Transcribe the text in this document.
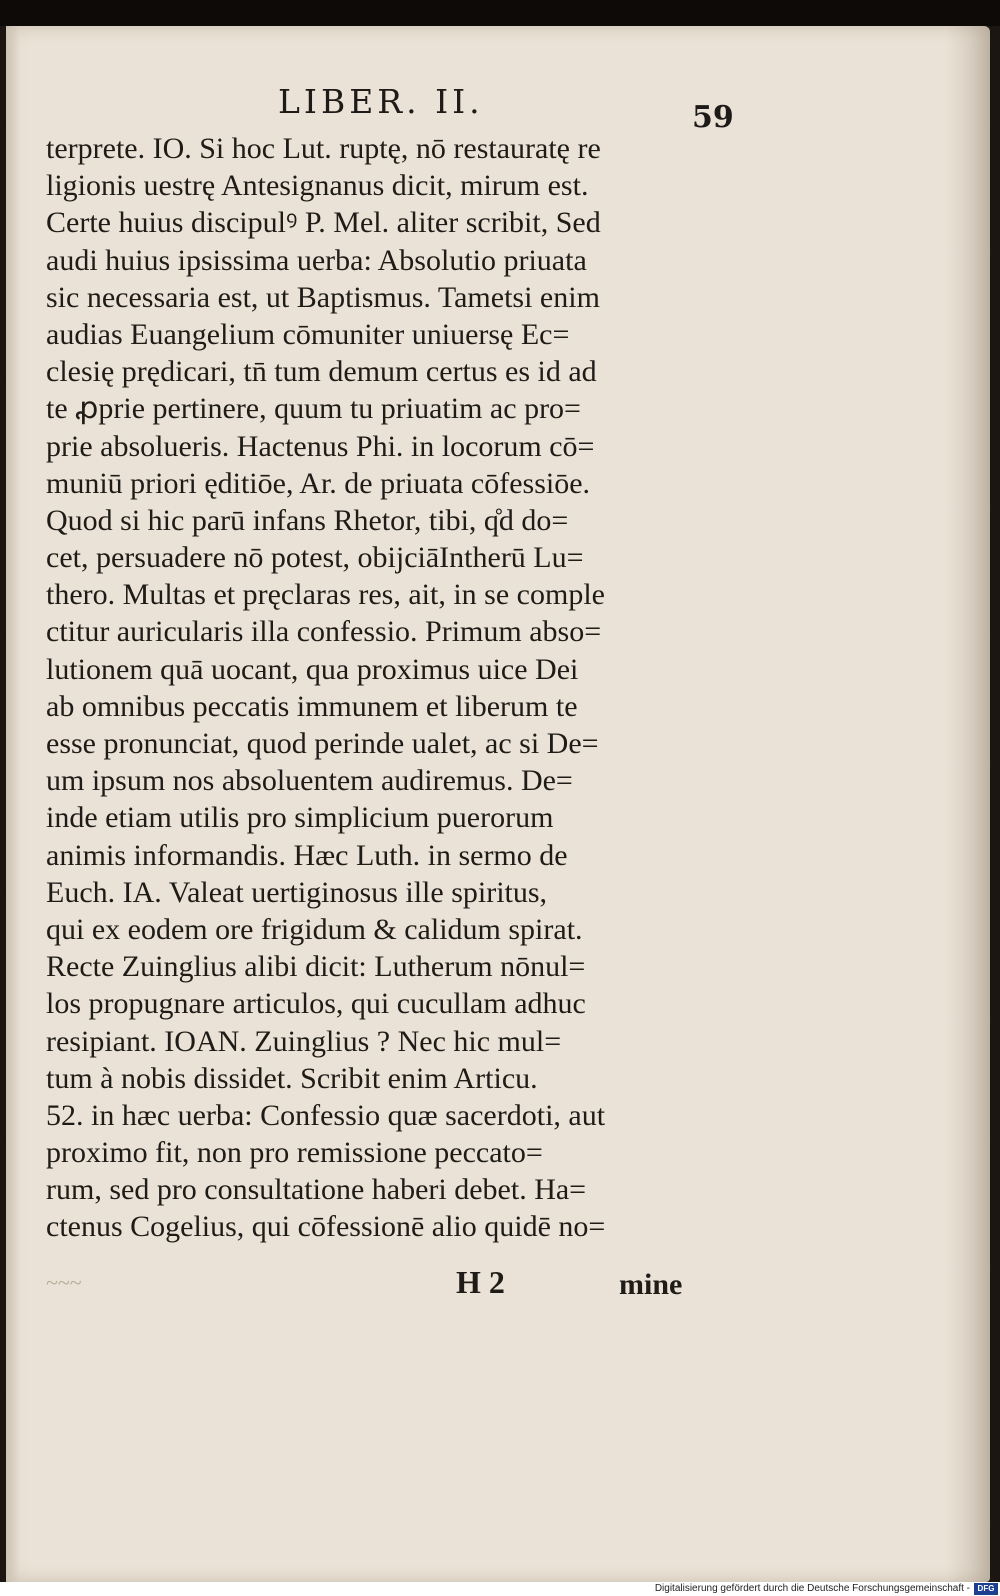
LIBER. II.	59
terprete. IO. Si hoc Lut. ruptę, nō restauratę re
ligionis uestrę Antesignanus dicit, mirum est.
Certe huius discipulꝰ P. Mel. aliter scribit, Sed
audi huius ipsissima uerba: Absolutio priuata
sic necessaria est, ut Baptismus. Tametsi enim
audias Euangelium cōmuniter uniuersę Ec=
clesię prędicari, tn̄ tum demum certus es id ad
te ꝓprie pertinere, quum tu priuatim ac pro=
prie absolueris. Hactenus Phi. in locorum cō=
muniū priori ęditiōe, Ar. de priuata cōfessiōe.
Quod si hic parū infans Rhetor, tibi, q̊d do=
cet, persuadere nō potest, obijciāIntherū Lu=
thero. Multas et pręclaras res, ait, in se comple
ctitur auricularis illa confessio. Primum abso=
lutionem quā uocant, qua proximus uice Dei
ab omnibus peccatis immunem et liberum te
esse pronunciat, quod perinde ualet, ac si De=
um ipsum nos absoluentem audiremus. De=
inde etiam utilis pro simplicium puerorum
animis informandis. Hæc Luth. in sermo de
Euch. IA. Valeat uertiginosus ille spiritus,
qui ex eodem ore frigidum & calidum spirat.
Recte Zuinglius alibi dicit: Lutherum nōnul=
los propugnare articulos, qui cucullam adhuc
resipiant. IOAN. Zuinglius ? Nec hic mul=
tum à nobis dissidet. Scribit enim Articu.
52. in hæc uerba: Confessio quæ sacerdoti, aut
proximo fit, non pro remissione peccato=
rum, sed pro consultatione haberi debet. Ha=
ctenus Cogelius, qui cōfessionē alio quidē no=
~~~	H 2	mine
Digitalisierung gefördert durch die Deutsche Forschungsgemeinschaft - DFG
